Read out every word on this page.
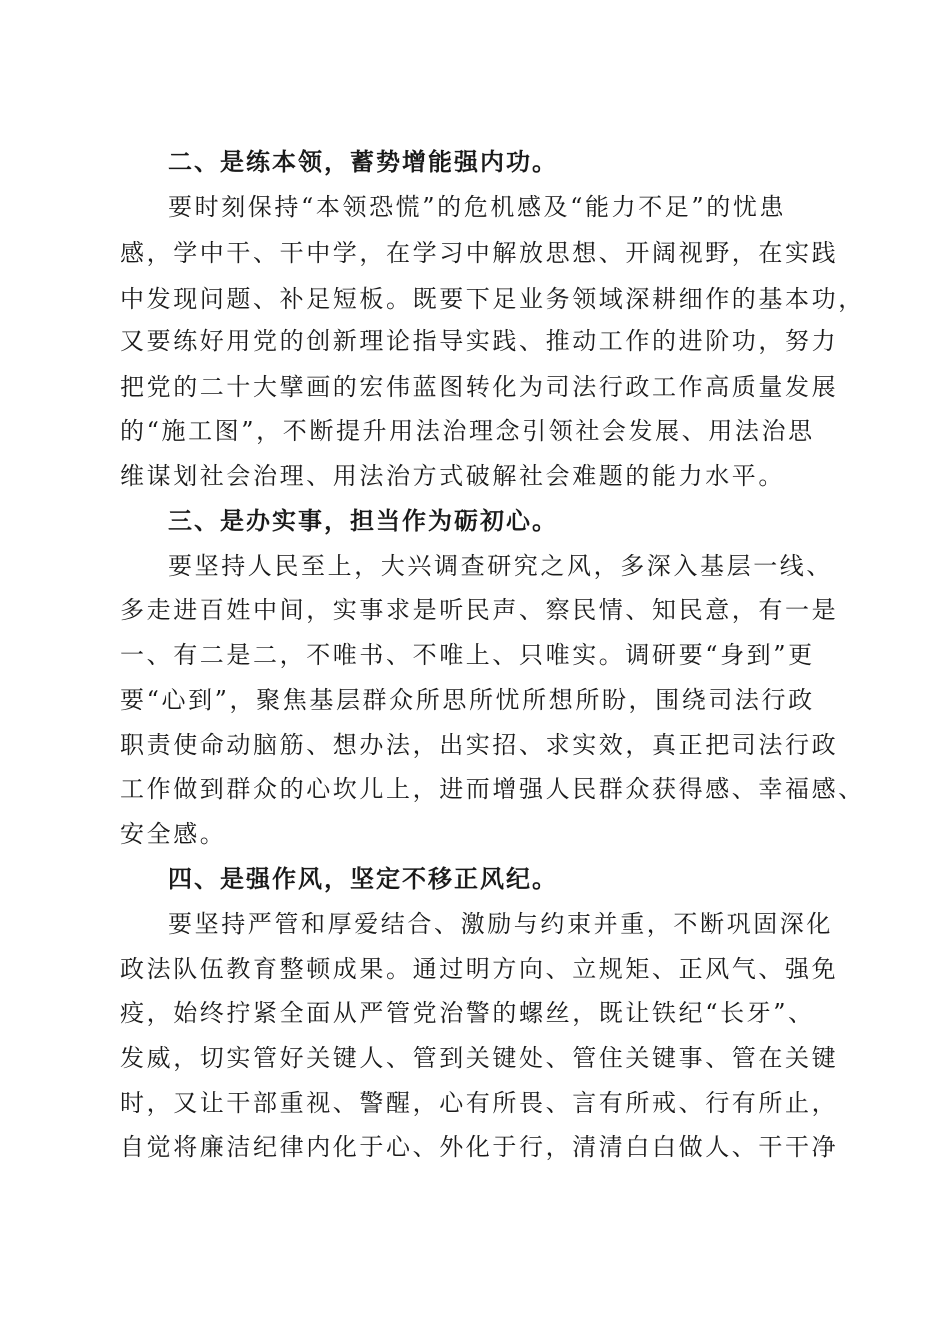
二、是练本领，蓄势增能强内功。
要时刻保持“本领恐慌”的危机感及“能力不足”的忧患
感，学中干、干中学，在学习中解放思想、开阔视野，在实践
中发现问题、补足短板。既要下足业务领域深耕细作的基本功，
又要练好用党的创新理论指导实践、推动工作的进阶功，努力
把党的二十大擘画的宏伟蓝图转化为司法行政工作高质量发展
的“施工图”，不断提升用法治理念引领社会发展、用法治思
维谋划社会治理、用法治方式破解社会难题的能力水平。
三、是办实事，担当作为砺初心。
要坚持人民至上，大兴调查研究之风，多深入基层一线、
多走进百姓中间，实事求是听民声、察民情、知民意，有一是
一、有二是二，不唯书、不唯上、只唯实。调研要“身到”更
要“心到”，聚焦基层群众所思所忧所想所盼，围绕司法行政
职责使命动脑筋、想办法，出实招、求实效，真正把司法行政
工作做到群众的心坎儿上，进而增强人民群众获得感、幸福感、
安全感。
四、是强作风，坚定不移正风纪。
要坚持严管和厚爱结合、激励与约束并重，不断巩固深化
政法队伍教育整顿成果。通过明方向、立规矩、正风气、强免
疫，始终拧紧全面从严管党治警的螺丝，既让铁纪“长牙”、
发威，切实管好关键人、管到关键处、管住关键事、管在关键
时，又让干部重视、警醒，心有所畏、言有所戒、行有所止，
自觉将廉洁纪律内化于心、外化于行，清清白白做人、干干净
